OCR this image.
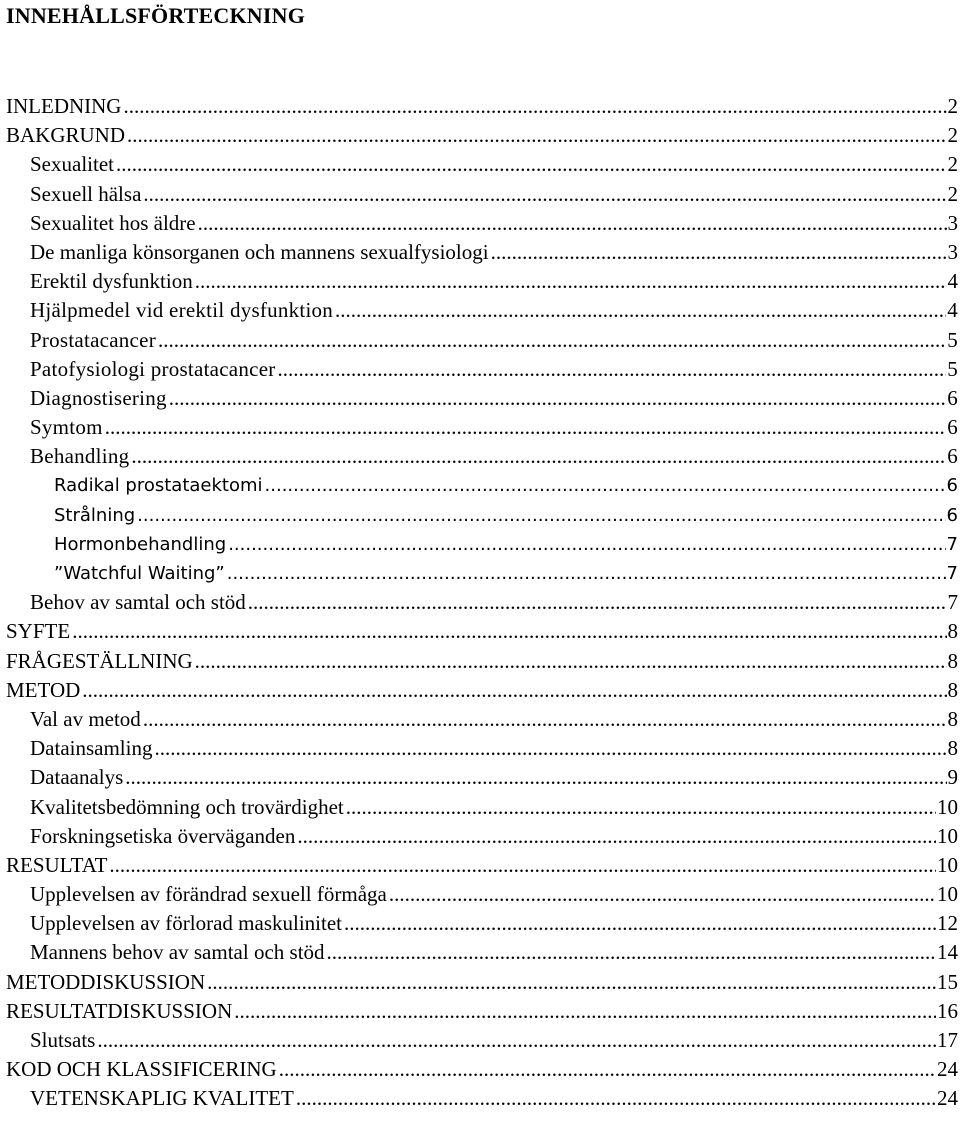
INNEHÅLLSFÖRTECKNING
INLEDNING .....	2
BAKGRUND .....	2
Sexualitet .....	2
Sexuell hälsa .....	2
Sexualitet hos äldre .....	3
De manliga könsorganen och mannens sexualfysiologi .....	3
Erektil dysfunktion .....	4
Hjälpmedel vid erektil dysfunktion .....	4
Prostatacancer .....	5
Patofysiologi prostatacancer .....	5
Diagnostisering .....	6
Symtom .....	6
Behandling .....	6
Radikal prostataektomi .....	6
Strålning .....	6
Hormonbehandling .....	7
”Watchful Waiting” .....	7
Behov av samtal och stöd .....	7
SYFTE .....	8
FRÅGESTÄLLNING .....	8
METOD .....	8
Val av metod .....	8
Datainsamling .....	8
Dataanalys .....	9
Kvalitetsbedömning och trovärdighet .....	10
Forskningsetiska överväganden .....	10
RESULTAT .....	10
Upplevelsen av förändrad sexuell förmåga .....	10
Upplevelsen av förlorad maskulinitet .....	12
Mannens behov av samtal och stöd .....	14
METODDISKUSSION .....	15
RESULTATDISKUSSION .....	16
Slutsats .....	17
KOD OCH KLASSIFICERING .....	24
VETENSKAPLIG KVALITET .....	24
